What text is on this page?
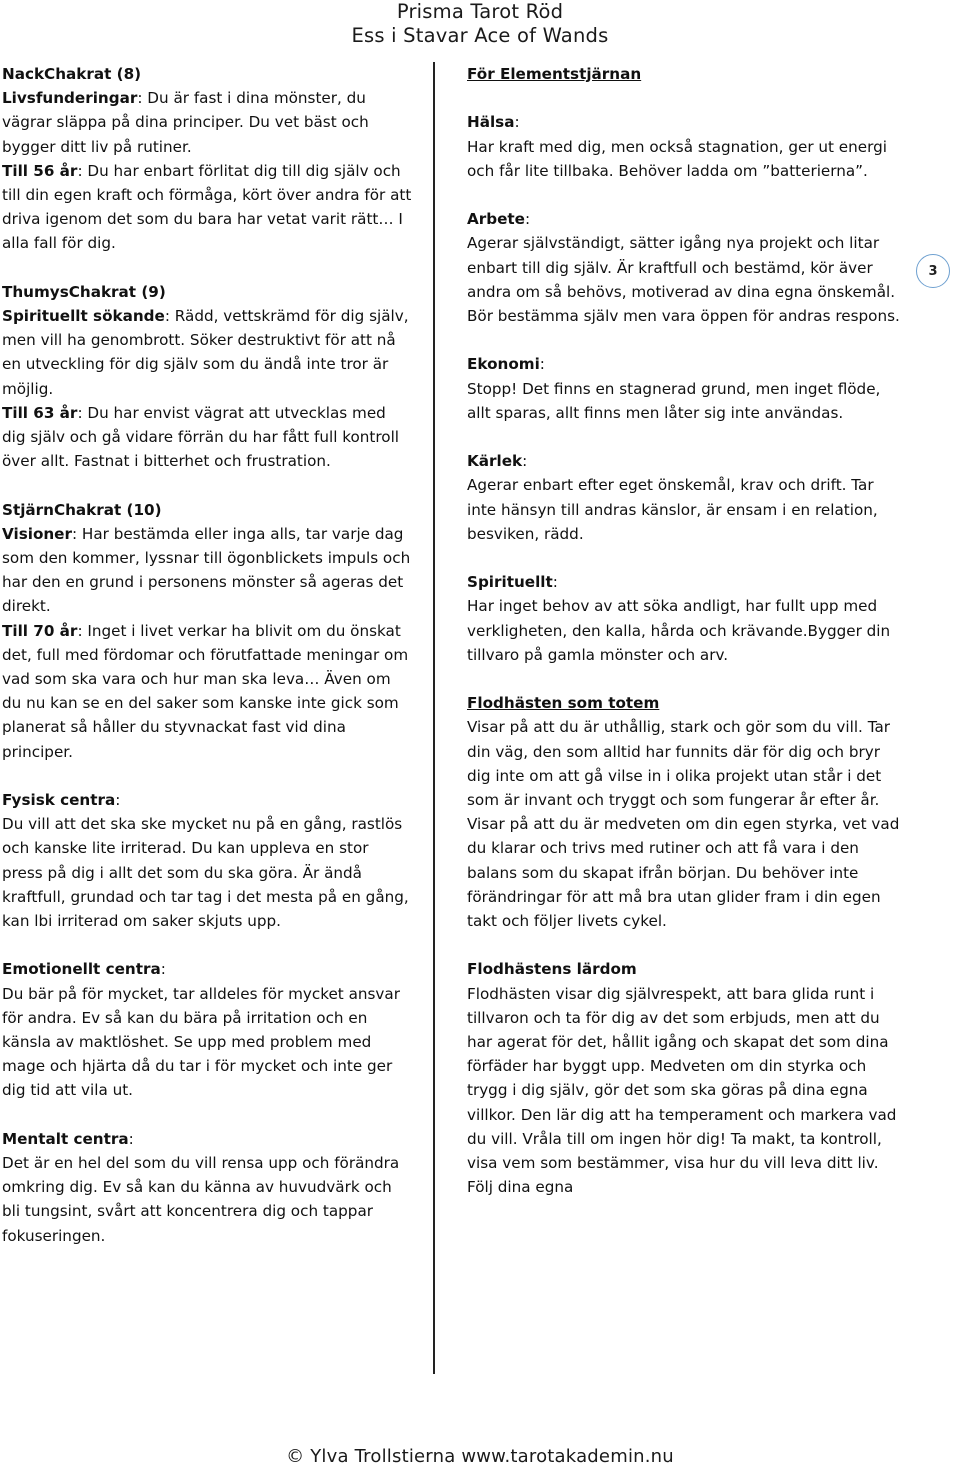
Prisma Tarot Röd
Ess i Stavar Ace of Wands

NackChakrat (8)
Livsfunderingar: Du är fast i dina mönster, du vägrar släppa på dina principer. Du vet bäst och bygger ditt liv på rutiner.
Till 56 år: Du har enbart förlitat dig till dig själv och till din egen kraft och förmåga, kört över andra för att driva igenom det som du bara har vetat varit rätt… I alla fall för dig.

ThumysChakrat (9)
Spirituellt sökande: Rädd, vettskrämd för dig själv, men vill ha genombrott. Söker destruktivt för att nå en utveckling för dig själv som du ändå inte tror är möjlig.
Till 63 år: Du har envist vägrat att utvecklas med dig själv och gå vidare förrän du har fått full kontroll över allt. Fastnat i bitterhet och frustration.

StjärnChakrat (10)
Visioner: Har bestämda eller inga alls, tar varje dag som den kommer, lyssnar till ögonblickets impuls och har den en grund i personens mönster så ageras det direkt.
Till 70 år: Inget i livet verkar ha blivit om du önskat det, full med fördomar och förutfattade meningar om vad som ska vara och hur man ska leva… Även om du nu kan se en del saker som kanske inte gick som planerat så håller du styvnackat fast vid dina principer.

Fysisk centra:
Du vill att det ska ske mycket nu på en gång, rastlös och kanske lite irriterad. Du kan uppleva en stor press på dig i allt det som du ska göra. Är ändå kraftfull, grundad och tar tag i det mesta på en gång, kan lbi irriterad om saker skjuts upp.

Emotionellt centra:
Du bär på för mycket, tar alldeles för mycket ansvar för andra. Ev så kan du bära på irritation och en känsla av maktlöshet. Se upp med problem med mage och hjärta då du tar i för mycket och inte ger dig tid att vila ut.

Mentalt centra:
Det är en hel del som du vill rensa upp och förändra omkring dig. Ev så kan du känna av huvudvärk och bli tungsint, svårt att koncentrera dig och tappar fokuseringen.

För Elementstjärnan

Hälsa:
Har kraft med dig, men också stagnation, ger ut energi och får lite tillbaka. Behöver ladda om ”batterierna”.

Arbete:
Agerar självständigt, sätter igång nya projekt och litar enbart till dig själv. Är kraftfull och bestämd, kör äver andra om så behövs, motiverad av dina egna önskemål. Bör bestämma själv men vara öppen för andras respons.

Ekonomi:
Stopp! Det finns en stagnerad grund, men inget flöde, allt sparas, allt finns men låter sig inte användas.

Kärlek:
Agerar enbart efter eget önskemål, krav och drift. Tar inte hänsyn till andras känslor, är ensam i en relation, besviken, rädd.

Spirituellt:
Har inget behov av att söka andligt, har fullt upp med verkligheten, den kalla, hårda och krävande.Bygger din tillvaro på gamla mönster och arv.

Flodhästen som totem
Visar på att du är uthållig, stark och gör som du vill. Tar din väg, den som alltid har funnits där för dig och bryr dig inte om att gå vilse in i olika projekt utan står i det som är invant och tryggt och som fungerar år efter år. Visar på att du är medveten om din egen styrka, vet vad du klarar och trivs med rutiner och att få vara i den balans som du skapat ifrån början. Du behöver inte förändringar för att må bra utan glider fram i din egen takt och följer livets cykel.

Flodhästens lärdom
Flodhästen visar dig självrespekt, att bara glida runt i tillvaron och ta för dig av det som erbjuds, men att du har agerat för det, hållit igång och skapat det som dina förfäder har byggt upp. Medveten om din styrka och trygg i dig själv, gör det som ska göras på dina egna villkor. Den lär dig att ha temperament och markera vad du vill. Vråla till om ingen hör dig! Ta makt, ta kontroll, visa vem som bestämmer, visa hur du vill leva ditt liv. Följ dina egna

3
© Ylva Trollstierna www.tarotakademin.nu
